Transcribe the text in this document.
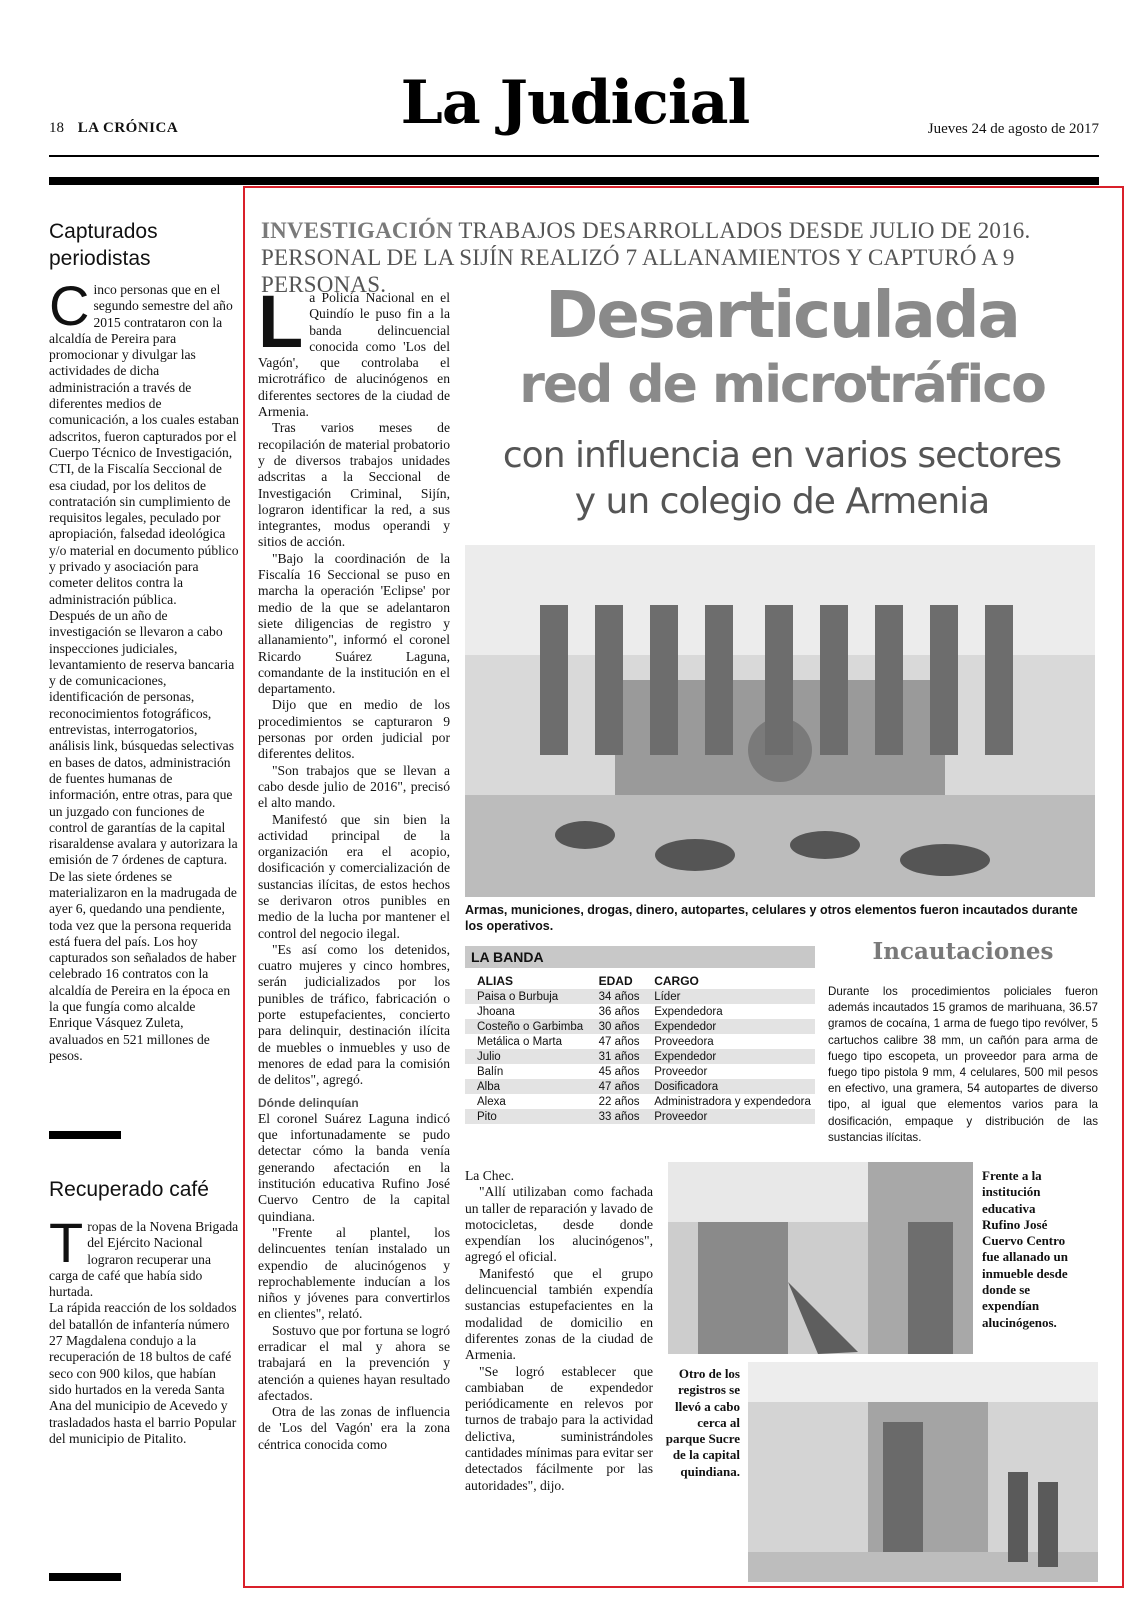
18 LA CRÓNICA	La Judicial	Jueves 24 de agosto de 2017
Capturados
periodistas

Cinco personas que en el segundo semestre del año 2015 contrataron con la alcaldía de Pereira para promocionar y divulgar las actividades de dicha administración a través de diferentes medios de comunicación, a los cuales estaban adscritos, fueron capturados por el Cuerpo Técnico de Investigación, CTI, de la Fiscalía Seccional de esa ciudad, por los delitos de contratación sin cumplimiento de requisitos legales, peculado por apropiación, falsedad ideológica y/o material en documento público y privado y asociación para cometer delitos contra la administración pública.

Después de un año de investigación se llevaron a cabo inspecciones judiciales, levantamiento de reserva bancaria y de comunicaciones, identificación de personas, reconocimientos fotográficos, entrevistas, interrogatorios, análisis link, búsquedas selectivas en bases de datos, administración de fuentes humanas de información, entre otras, para que un juzgado con funciones de control de garantías de la capital risaraldense avalara y autorizara la emisión de 7 órdenes de captura.

De las siete órdenes se materializaron en la madrugada de ayer 6, quedando una pendiente, toda vez que la persona requerida está fuera del país. Los hoy capturados son señalados de haber celebrado 16 contratos con la alcaldía de Pereira en la época en la que fungía como alcalde Enrique Vásquez Zuleta, avaluados en 521 millones de pesos.

Recuperado café

Tropas de la Novena Brigada del Ejército Nacional lograron recuperar una carga de café que había sido hurtada.

La rápida reacción de los soldados del batallón de infantería número 27 Magdalena condujo a la recuperación de 18 bultos de café seco con 900 kilos, que habían sido hurtados en la vereda Santa Ana del municipio de Acevedo y trasladados hasta el barrio Popular del municipio de Pitalito.

INVESTIGACIÓN TRABAJOS DESARROLLADOS DESDE JULIO DE 2016.
PERSONAL DE LA SIJÍN REALIZÓ 7 ALLANAMIENTOS Y CAPTURÓ A 9 PERSONAS.	Desarticulada
red de microtráfico
con influencia en varios sectores
y un colegio de Armenia

La Policía Nacional en el Quindío le puso fin a la banda delincuencial conocida como 'Los del Vagón', que controlaba el microtráfico de alucinógenos en diferentes sectores de la ciudad de Armenia.

Tras varios meses de recopilación de material probatorio y de diversos trabajos unidades adscritas a la Seccional de Investigación Criminal, Sijín, lograron identificar la red, a sus integrantes, modus operandi y sitios de acción.

"Bajo la coordinación de la Fiscalía 16 Seccional se puso en marcha la operación 'Eclipse' por medio de la que se adelantaron siete diligencias de registro y allanamiento", informó el coronel Ricardo Suárez Laguna, comandante de la institución en el departamento.

Dijo que en medio de los procedimientos se capturaron 9 personas por orden judicial por diferentes delitos.

"Son trabajos que se llevan a cabo desde julio de 2016", precisó el alto mando.

Manifestó que sin bien la actividad principal de la organización era el acopio, dosificación y comercialización de sustancias ilícitas, de estos hechos se derivaron otros punibles en medio de la lucha por mantener el control del negocio ilegal.

"Es así como los detenidos, cuatro mujeres y cinco hombres, serán judicializados por los punibles de tráfico, fabricación o porte estupefacientes, concierto para delinquir, destinación ilícita de muebles o inmuebles y uso de menores de edad para la comisión de delitos", agregó.

Dónde delinquían

El coronel Suárez Laguna indicó que infortunadamente se pudo detectar cómo la banda venía generando afectación en la institución educativa Rufino José Cuervo Centro de la capital quindiana.

"Frente al plantel, los delincuentes tenían instalado un expendio de alucinógenos y reprochablemente inducían a los niños y jóvenes para convertirlos en clientes", relató.

Sostuvo que por fortuna se logró erradicar el mal y ahora se trabajará en la prevención y atención a quienes hayan resultado afectados.

Otra de las zonas de influencia de 'Los del Vagón' era la zona céntrica conocida como

Armas, municiones, drogas, dinero, autopartes, celulares y otros elementos fueron incautados durante los operativos.
LA BANDA
ALIAS	EDAD	CARGO
Paisa o Burbuja	34 años	Líder
Jhoana	36 años	Expendedora
Costeño o Garbimba	30 años	Expendedor
Metálica o Marta	47 años	Proveedora
Julio	31 años	Expendedor
Balín	45 años	Proveedor
Alba	47 años	Dosificadora
Alexa	22 años	Administradora y expendedora
Pito	33 años	Proveedor
Incautaciones
Durante los procedimientos policiales fueron además incautados 15 gramos de marihuana, 36.57 gramos de cocaína, 1 arma de fuego tipo revólver, 5 cartuchos calibre 38 mm, un cañón para arma de fuego tipo escopeta, un proveedor para arma de fuego tipo pistola 9 mm, 4 celulares, 500 mil pesos en efectivo, una gramera, 54 autopartes de diverso tipo, al igual que elementos varios para la dosificación, empaque y distribución de las sustancias ilícitas.

La Chec.

"Allí utilizaban como fachada un taller de reparación y lavado de motocicletas, desde donde expendían los alucinógenos", agregó el oficial.

Manifestó que el grupo delincuencial también expendía sustancias estupefacientes en la modalidad de domicilio en diferentes zonas de la ciudad de Armenia.

"Se logró establecer que cambiaban de expendedor periódicamente en relevos por turnos de trabajo para la actividad delictiva, suministrándoles cantidades mínimas para evitar ser detectados fácilmente por las autoridades", dijo.

Frente a la institución educativa Rufino José Cuervo Centro fue allanado un inmueble desde donde se expendían alucinógenos.
Otro de los registros se llevó a cabo cerca al parque Sucre de la capital quindiana.
